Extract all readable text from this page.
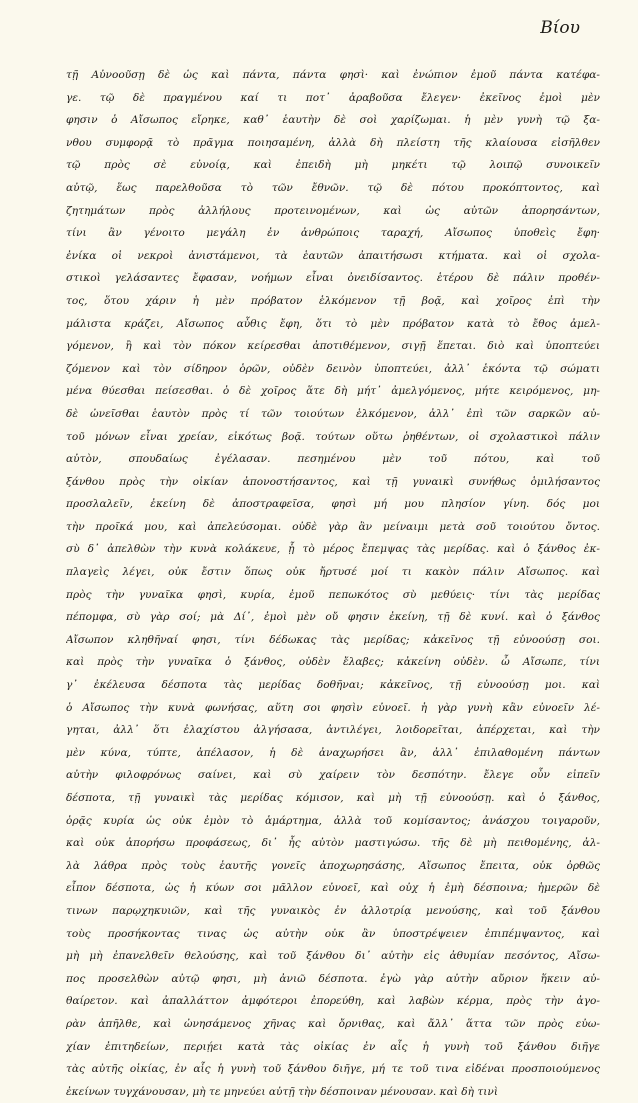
Βίου
τῇ Αὐνοοῦσῃ δὲ ὡς καὶ πάντα, πάντα φησὶ· καὶ ἐνώπιον ἐμοῦ πάντα κατέφα-
γε. τῷ δὲ πραγμένου καί τι ποτ᾽ ἀραβοῦσα ἔλεγεν· ἐκεῖνος ἐμοὶ μὲν
φησιν ὁ Αἴσωπος εἴρηκε, καθ᾽ ἑαυτὴν δὲ σοὶ χαρίζωμαι. ἡ μὲν γυνὴ τῷ ξα-
νθου συμφορᾷ τὸ πρᾶγμα ποιησαμένη, ἀλλὰ δὴ πλείστη τῆς κλαίουσα εἰσῆλθεν
τῷ πρὸς σὲ εὐνοίᾳ, καὶ ἐπειδὴ μὴ μηκέτι τῷ λοιπῷ συνοικεῖν
αὐτῷ, ἕως παρελθοῦσα τὸ τῶν ἔθνῶν. τῷ δὲ πότου προκόπτοντος, καὶ
ζητημάτων πρὸς ἀλλήλους προτεινομένων, καὶ ὡς αὐτῶν ἀπορησάντων,
τίνι ἂν γένοιτο μεγάλη ἐν ἀνθρώποις ταραχή, Αἴσωπος ὑποθεὶς ἔφη·
ἐνίκα οἱ νεκροὶ ἀνιστάμενοι, τὰ ἑαυτῶν ἀπαιτήσωσι κτήματα. καὶ οἱ σχολα-
στικοὶ γελάσαντες ἔφασαν, νοήμων εἶναι ὀνειδίσαντος. ἑτέρου δὲ πάλιν προθέν-
τος, ὅτου χάριν ἡ μὲν πρόβατον ἑλκόμενον τῇ βοᾷ, καὶ χοῖρος ἐπὶ τὴν
μάλιστα κράζει, Αἴσωπος αὖθις ἔφη, ὅτι τὸ μὲν πρόβατον κατὰ τὸ ἔθος ἀμελ-
γόμενον, ἢ καὶ τὸν πόκον κείρεσθαι ἀποτιθέμενον, σιγῇ ἕπεται. διὸ καὶ ὑποπτεύει
ζόμενον καὶ τὸν σίδηρον ὁρῶν, οὐδὲν δεινὸν ὑποπτεύει, ἀλλ᾽ ἑκόντα τῷ σώματι
μένα θύεσθαι πείσεσθαι. ὁ δὲ χοῖρος ἅτε δὴ μήτ᾽ ἀμελγόμενος, μήτε κειρόμενος, μη-
δὲ ὠνεῖσθαι ἑαυτὸν πρὸς τί τῶν τοιούτων ἑλκόμενον, ἀλλ᾽ ἐπὶ τῶν σαρκῶν αὐ-
τοῦ μόνων εἶναι χρείαν, εἰκότως βοᾷ. τούτων οὕτω ῥηθέντων, οἱ σχολαστικοὶ πάλιν
αὐτὸν, σπουδαίως ἐγέλασαν. πεσημένου μὲν τοῦ πότου, καὶ τοῦ
ξάνθου πρὸς τὴν οἰκίαν ἀπονοστήσαντος, καὶ τῇ γυναικὶ συνήθως ὁμιλήσαντος
προσλαλεῖν, ἐκείνη δὲ ἀποστραφεῖσα, φησὶ μή μου πλησίον γίνη. δός μοι
τὴν προῖκά μου, καὶ ἀπελεύσομαι. οὐδὲ γὰρ ἂν μείναιμι μετὰ σοῦ τοιούτου ὄντος.
σὺ δ᾽ ἀπελθὼν τὴν κυνὰ κολάκευε, ᾗ τὸ μέρος ἔπεμψας τὰς μερίδας. καὶ ὁ ξάνθος ἐκ-
πλαγεὶς λέγει, οὐκ ἔστιν ὅπως οὐκ ἤρτυσέ μοί τι κακὸν πάλιν Αἴσωπος. καὶ
πρὸς τὴν γυναῖκα φησὶ, κυρία, ἐμοῦ πεπωκότος σὺ μεθύεις· τίνι τὰς μερίδας
πέπομφα, σὺ γὰρ σοί; μὰ Δί᾽, ἐμοὶ μὲν οὔ φησιν ἐκείνη, τῇ δὲ κυνί. καὶ ὁ ξάνθος
Αἴσωπον κληθῆναί φησι, τίνι δέδωκας τὰς μερίδας; κἀκεῖνος τῇ εὐνοούσῃ σοι.
καὶ πρὸς τὴν γυναῖκα ὁ ξάνθος, οὐδὲν ἔλαβες; κἀκείνη οὐδὲν. ὦ Αἴσωπε, τίνι
γ᾽ ἐκέλευσα δέσποτα τὰς μερίδας δοθῆναι; κἀκεῖνος, τῇ εὐνοούσῃ μοι. καὶ
ὁ Αἴσωπος τὴν κυνὰ φωνήσας, αὕτη σοι φησὶν εὐνοεῖ. ἡ γὰρ γυνὴ κἂν εὐνοεῖν λέ-
γηται, ἀλλ᾽ ὅτι ἐλαχίστου ἀλγήσασα, ἀντιλέγει, λοιδορεῖται, ἀπέρχεται, καὶ τὴν
μὲν κύνα, τύπτε, ἀπέλασον, ἡ δὲ ἀναχωρήσει ἂν, ἀλλ᾽ ἐπιλαθομένη πάντων
αὐτὴν φιλοφρόνως σαίνει, καὶ σὺ χαίρειν τὸν δεσπότην. ἔλεγε οὖν εἰπεῖν
δέσποτα, τῇ γυναικὶ τὰς μερίδας κόμισον, καὶ μὴ τῇ εὐνοούσῃ. καὶ ὁ ξάνθος,
ὁρᾷς κυρία ὡς οὐκ ἐμὸν τὸ ἁμάρτημα, ἀλλὰ τοῦ κομίσαντος; ἀνάσχου τοιγαροῦν,
καὶ οὐκ ἀπορήσω προφάσεως, δι᾽ ἧς αὐτὸν μαστιγώσω. τῆς δὲ μὴ πειθομένης, ἀλ-
λὰ λάθρα πρὸς τοὺς ἑαυτῆς γονεῖς ἀποχωρησάσης, Αἴσωπος ἔπειτα, οὐκ ὀρθῶς
εἶπον δέσποτα, ὡς ἡ κύων σοι μᾶλλον εὐνοεῖ, καὶ οὐχ ἡ ἐμὴ δέσποινα; ἡμερῶν δὲ
τινων παρῳχηκυιῶν, καὶ τῆς γυναικὸς ἐν ἀλλοτρίᾳ μενούσης, καὶ τοῦ ξάνθου
τοὺς προσήκοντας τινας ὡς αὐτὴν οὐκ ἂν ὑποστρέψειεν ἐπιπέμψαντος, καὶ
μὴ μὴ ἐπανελθεῖν θελούσης, καὶ τοῦ ξάνθου δι᾽ αὐτὴν εἰς ἀθυμίαν πεσόντος, Αἴσω-
πος προσελθὼν αὐτῷ φησι, μὴ ἀνιῶ δέσποτα. ἐγὼ γὰρ αὐτὴν αὔριον ἥκειν αὐ-
θαίρετον. καὶ ἀπαλλάττον ἀμφότεροι ἐπορεύθη, καὶ λαβὼν κέρμα, πρὸς τὴν ἀγο-
ρὰν ἀπῆλθε, καὶ ὠνησάμενος χῆνας καὶ ὄρνιθας, καὶ ἄλλ᾽ ἅττα τῶν πρὸς εὐω-
χίαν ἐπιτηδείων, περιῄει κατὰ τὰς οἰκίας ἐν αἷς ἡ γυνὴ τοῦ ξάνθου διῆγε
τὰς αὐτῆς οἰκίας, ἐν αἷς ἡ γυνὴ τοῦ ξάνθου διῆγε, μή τε τοῦ τινα εἰδέναι προσποιούμενος
ἐκείνων τυγχάνουσαν, μὴ τε μηνεύει αὐτῇ τὴν δέσποιναν μένουσαν. καὶ δὴ τινὶ
